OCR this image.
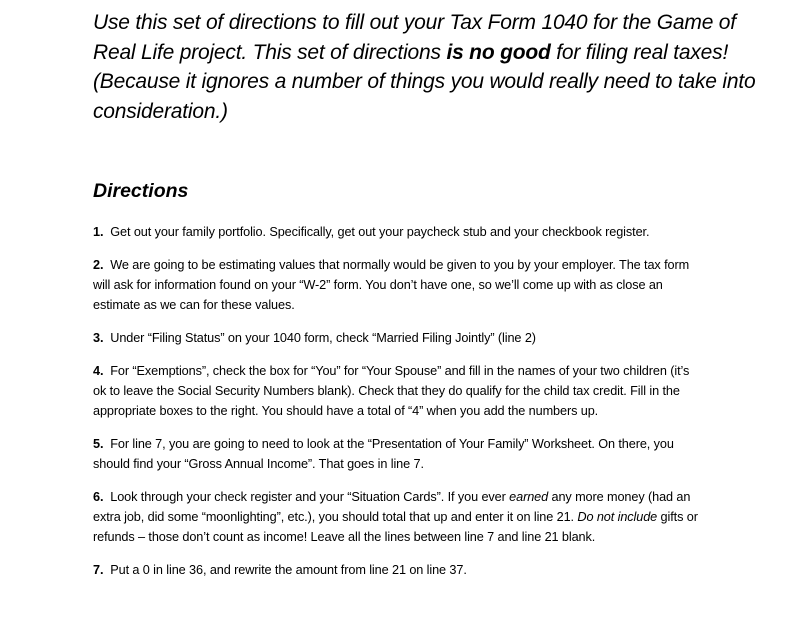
Use this set of directions to fill out your Tax Form 1040 for the Game of Real Life project. This set of directions is no good for filing real taxes! (Because it ignores a number of things you would really need to take into consideration.)

Directions

1. Get out your family portfolio. Specifically, get out your paycheck stub and your checkbook register.

2. We are going to be estimating values that normally would be given to you by your employer. The tax form will ask for information found on your “W-2” form. You don’t have one, so we’ll come up with as close an estimate as we can for these values.

3. Under “Filing Status” on your 1040 form, check “Married Filing Jointly” (line 2)

4. For “Exemptions”, check the box for “You” for “Your Spouse” and fill in the names of your two children (it’s ok to leave the Social Security Numbers blank). Check that they do qualify for the child tax credit. Fill in the appropriate boxes to the right. You should have a total of “4” when you add the numbers up.

5. For line 7, you are going to need to look at the “Presentation of Your Family” Worksheet. On there, you should find your “Gross Annual Income”. That goes in line 7.

6. Look through your check register and your “Situation Cards”. If you ever earned any more money (had an extra job, did some “moonlighting”, etc.), you should total that up and enter it on line 21. Do not include gifts or refunds – those don’t count as income! Leave all the lines between line 7 and line 21 blank.

7. Put a 0 in line 36, and rewrite the amount from line 21 on line 37.
